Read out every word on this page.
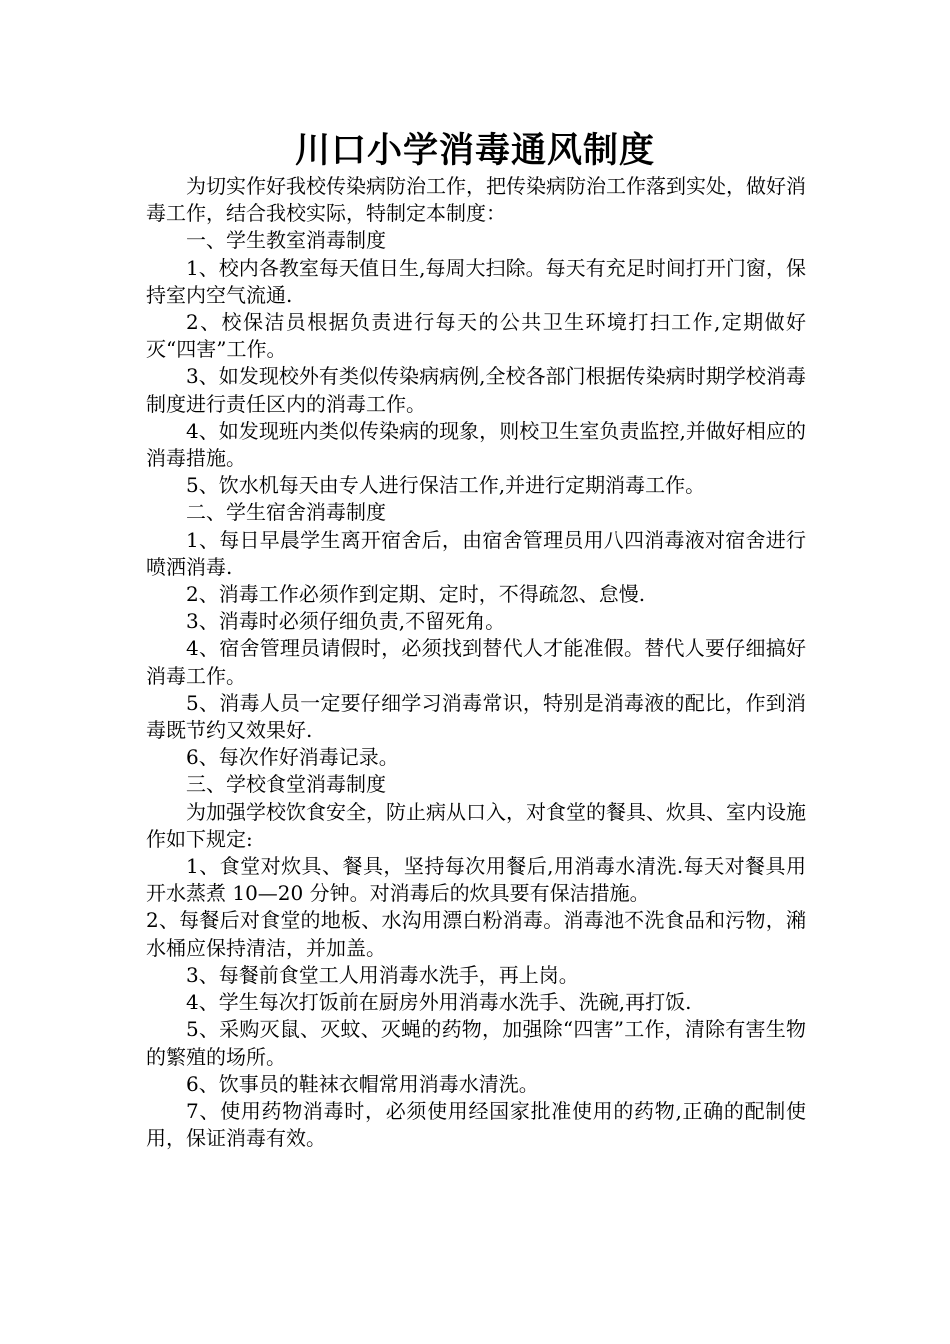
川口小学消毒通风制度

为切实作好我校传染病防治工作，把传染病防治工作落到实处，做好消毒工作，结合我校实际，特制定本制度：

一、学生教室消毒制度

1、校内各教室每天值日生,每周大扫除。每天有充足时间打开门窗，保持室内空气流通.

2、校保洁员根据负责进行每天的公共卫生环境打扫工作,定期做好灭“四害”工作。

3、如发现校外有类似传染病病例,全校各部门根据传染病时期学校消毒制度进行责任区内的消毒工作。

4、如发现班内类似传染病的现象，则校卫生室负责监控,并做好相应的消毒措施。

5、饮水机每天由专人进行保洁工作,并进行定期消毒工作。

二、学生宿舍消毒制度

1、每日早晨学生离开宿舍后，由宿舍管理员用八四消毒液对宿舍进行喷洒消毒.

2、消毒工作必须作到定期、定时，不得疏忽、怠慢.

3、消毒时必须仔细负责,不留死角。

4、宿舍管理员请假时，必须找到替代人才能准假。替代人要仔细搞好消毒工作。

5、消毒人员一定要仔细学习消毒常识，特别是消毒液的配比，作到消毒既节约又效果好.

6、每次作好消毒记录。

三、学校食堂消毒制度

为加强学校饮食安全，防止病从口入，对食堂的餐具、炊具、室内设施作如下规定:

1、食堂对炊具、餐具，坚持每次用餐后,用消毒水清洗.每天对餐具用开水蒸煮 10—20 分钟。对消毒后的炊具要有保洁措施。

2、每餐后对食堂的地板、水沟用漂白粉消毒。消毒池不洗食品和污物，潲水桶应保持清洁，并加盖。

3、每餐前食堂工人用消毒水洗手，再上岗。

4、学生每次打饭前在厨房外用消毒水洗手、洗碗,再打饭.

5、采购灭鼠、灭蚊、灭蝇的药物，加强除“四害”工作，清除有害生物的繁殖的场所。

6、饮事员的鞋袜衣帽常用消毒水清洗。

7、使用药物消毒时，必须使用经国家批准使用的药物,正确的配制使用，保证消毒有效。
